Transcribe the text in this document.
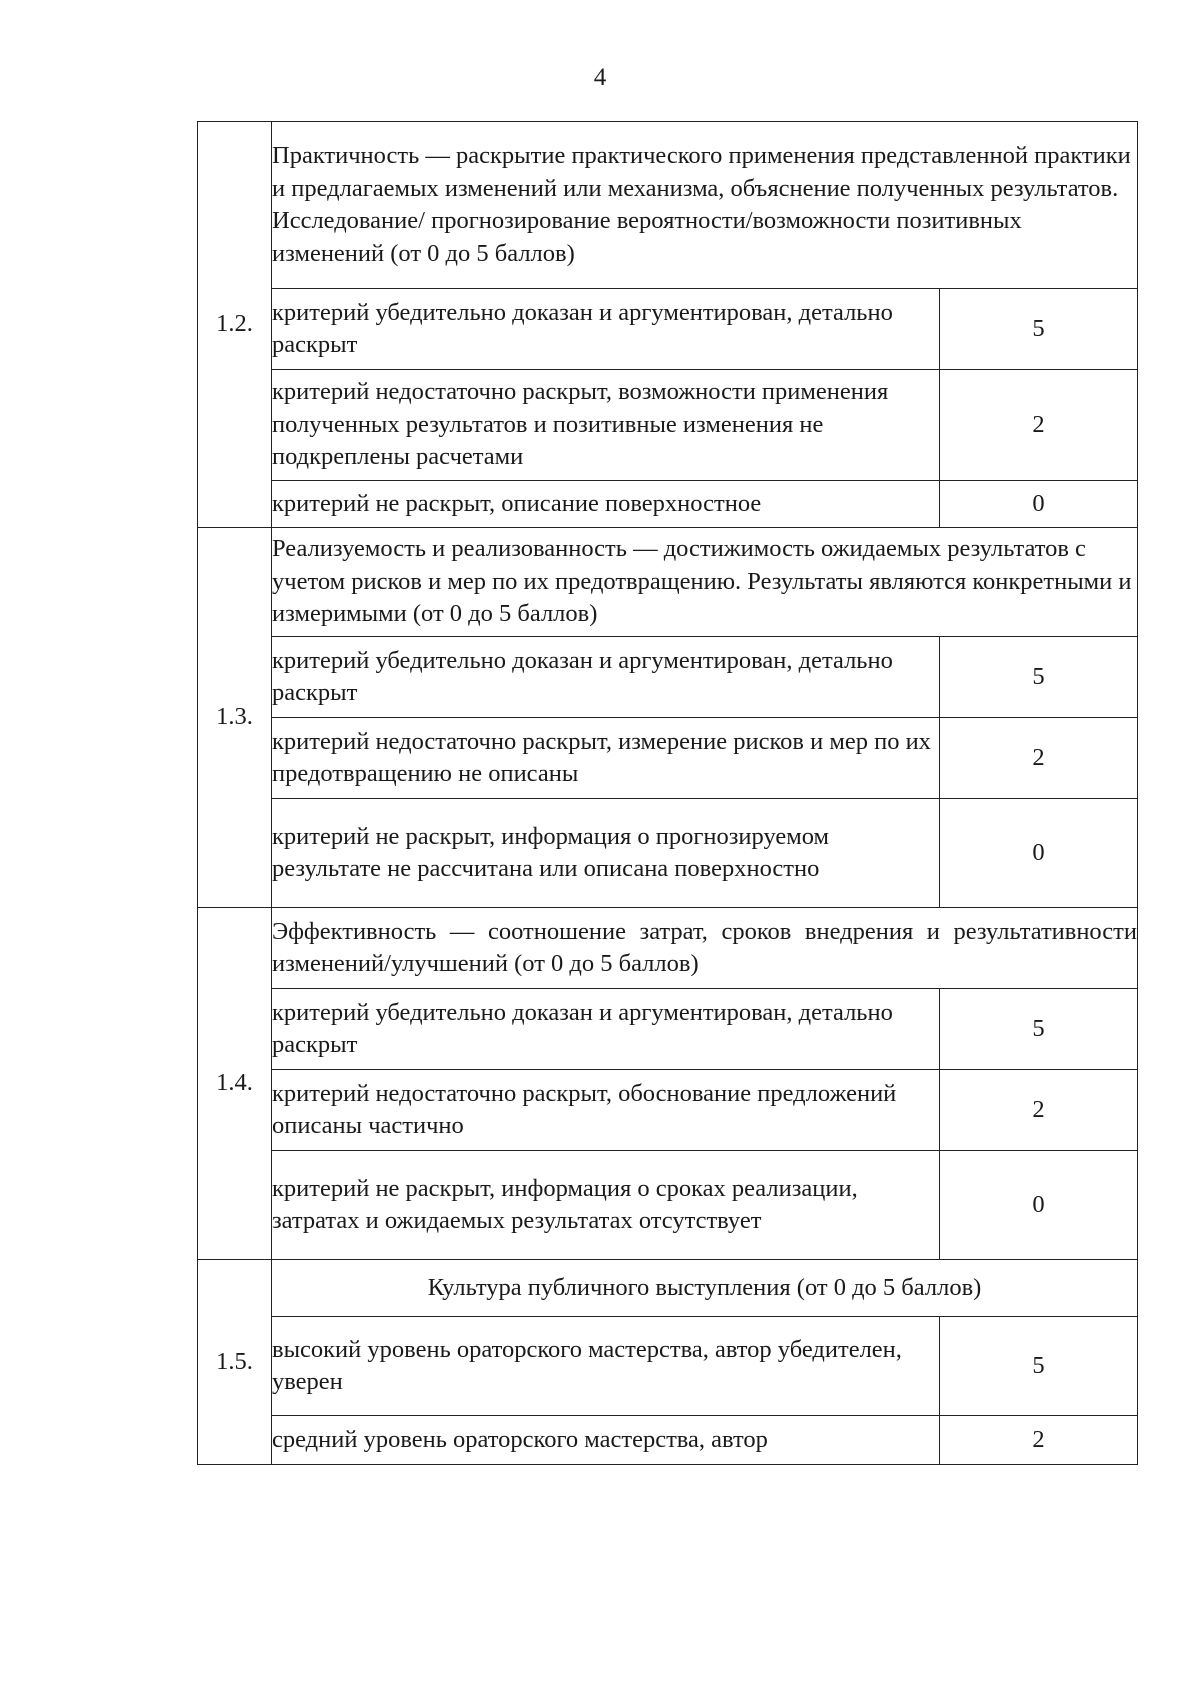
4
1.2.	Практичность — раскрытие практического применения представленной практики и предлагаемых изменений или механизма, объяснение полученных результатов. Исследование/ прогнозирование вероятности/возможности позитивных изменений (от 0 до 5 баллов)	
	критерий убедительно доказан и аргументирован, детально раскрыт	5
	критерий недостаточно раскрыт, возможности применения полученных результатов и позитивные изменения не подкреплены расчетами	2
	критерий не раскрыт, описание поверхностное	0
1.3.	Реализуемость и реализованность — достижимость ожидаемых результатов с учетом рисков и мер по их предотвращению. Результаты являются конкретными и измеримыми (от 0 до 5 баллов)	
	критерий убедительно доказан и аргументирован, детально раскрыт	5
	критерий недостаточно раскрыт, измерение рисков и мер по их предотвращению не описаны	2
	критерий не раскрыт, информация о прогнозируемом результате не рассчитана или описана поверхностно	0
1.4.	Эффективность — соотношение затрат, сроков внедрения и результативности изменений/улучшений (от 0 до 5 баллов)	
	критерий убедительно доказан и аргументирован, детально раскрыт	5
	критерий недостаточно раскрыт, обоснование предложений описаны частично	2
	критерий не раскрыт, информация о сроках реализации, затратах и ожидаемых результатах отсутствует	0
1.5.	Культура публичного выступления (от 0 до 5 баллов)	
	высокий уровень ораторского мастерства, автор убедителен, уверен	5
	средний уровень ораторского мастерства, автор	2
